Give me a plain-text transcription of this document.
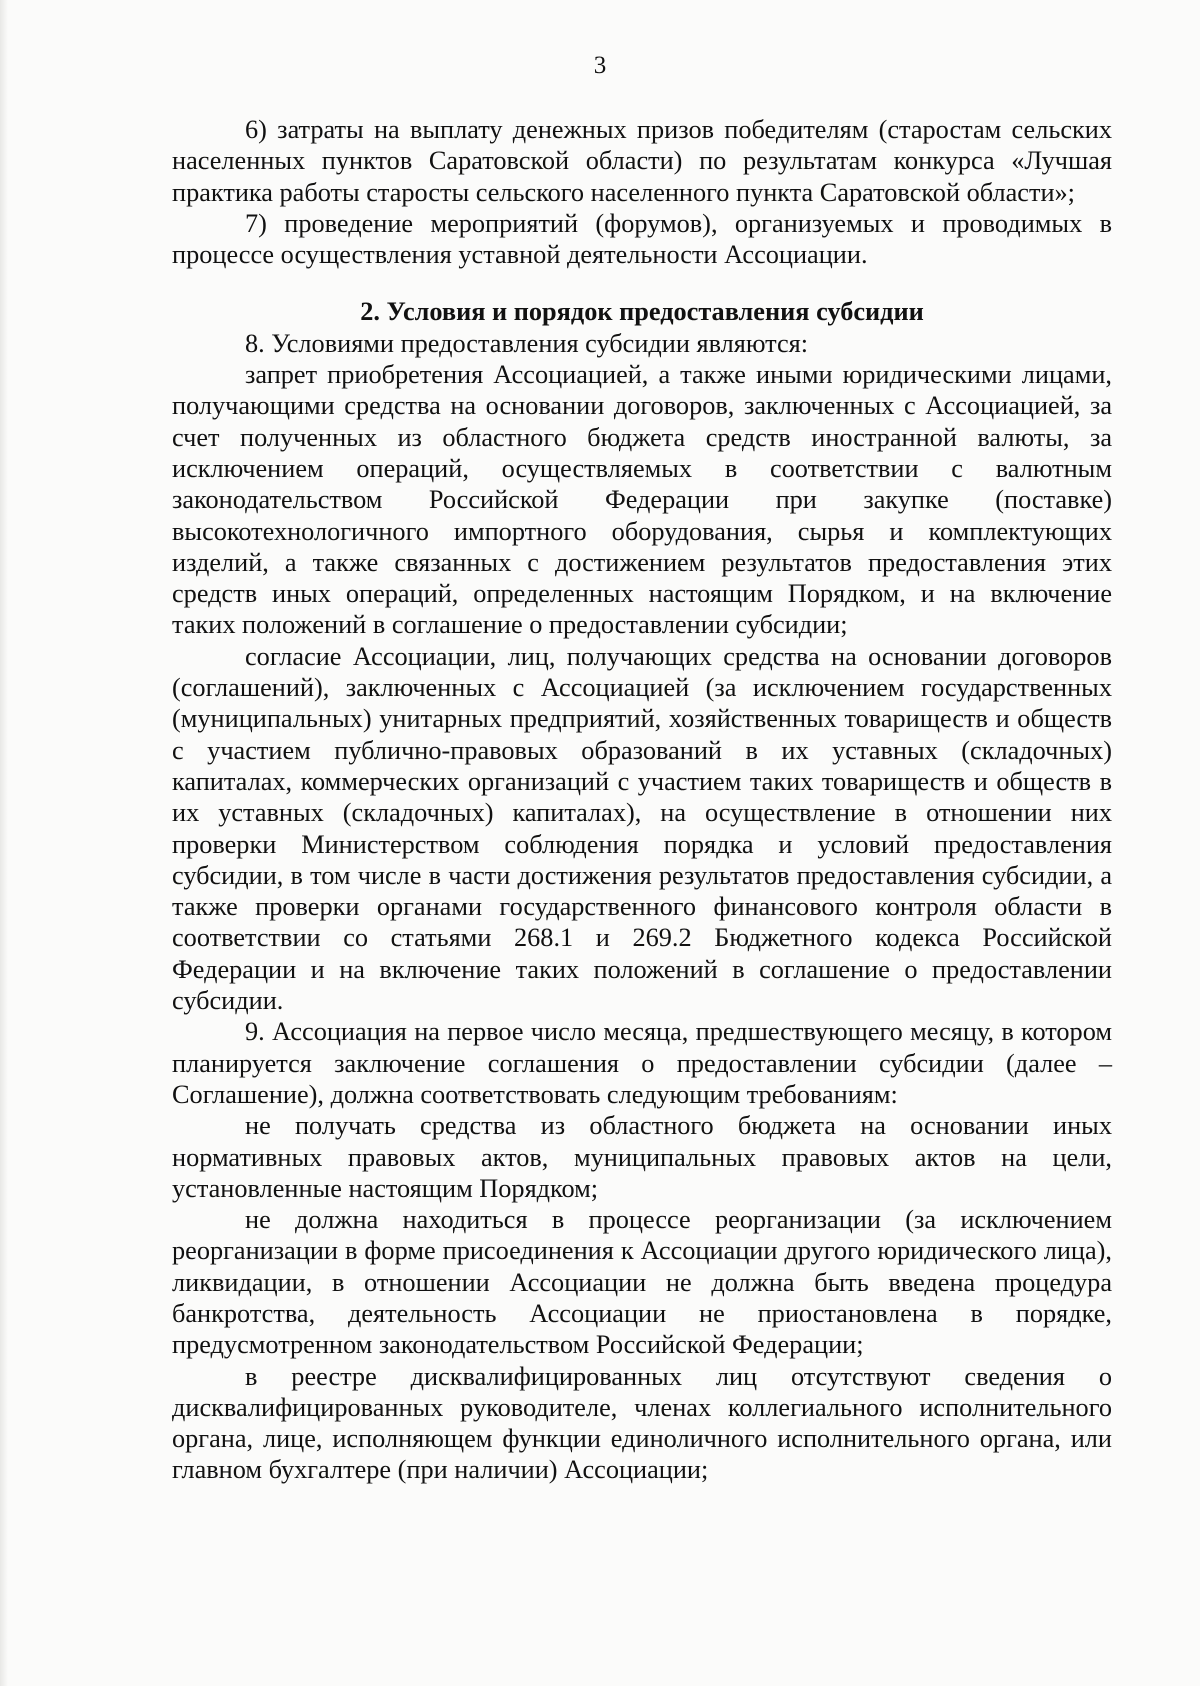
3

6) затраты на выплату денежных призов победителям (старостам сельских населенных пунктов Саратовской области) по результатам конкурса «Лучшая практика работы старосты сельского населенного пункта Саратовской области»;

7) проведение мероприятий (форумов), организуемых и проводимых в процессе осуществления уставной деятельности Ассоциации.

2. Условия и порядок предоставления субсидии

8. Условиями предоставления субсидии являются:

запрет приобретения Ассоциацией, а также иными юридическими лицами, получающими средства на основании договоров, заключенных с Ассоциацией, за счет полученных из областного бюджета средств иностранной валюты, за исключением операций, осуществляемых в соответствии с валютным законодательством Российской Федерации при закупке (поставке) высокотехнологичного импортного оборудования, сырья и комплектующих изделий, а также связанных с достижением результатов предоставления этих средств иных операций, определенных настоящим Порядком, и на включение таких положений в соглашение о предоставлении субсидии;

согласие Ассоциации, лиц, получающих средства на основании договоров (соглашений), заключенных с Ассоциацией (за исключением государственных (муниципальных) унитарных предприятий, хозяйственных товариществ и обществ с участием публично-правовых образований в их уставных (складочных) капиталах, коммерческих организаций с участием таких товариществ и обществ в их уставных (складочных) капиталах), на осуществление в отношении них проверки Министерством соблюдения порядка и условий предоставления субсидии, в том числе в части достижения результатов предоставления субсидии, а также проверки органами государственного финансового контроля области в соответствии со статьями 268.1 и 269.2 Бюджетного кодекса Российской Федерации и на включение таких положений в соглашение о предоставлении субсидии.

9. Ассоциация на первое число месяца, предшествующего месяцу, в котором планируется заключение соглашения о предоставлении субсидии (далее – Соглашение), должна соответствовать следующим требованиям:

не получать средства из областного бюджета на основании иных нормативных правовых актов, муниципальных правовых актов на цели, установленные настоящим Порядком;

не должна находиться в процессе реорганизации (за исключением реорганизации в форме присоединения к Ассоциации другого юридического лица), ликвидации, в отношении Ассоциации не должна быть введена процедура банкротства, деятельность Ассоциации не приостановлена в порядке, предусмотренном законодательством Российской Федерации;

в реестре дисквалифицированных лиц отсутствуют сведения о дисквалифицированных руководителе, членах коллегиального исполнительного органа, лице, исполняющем функции единоличного исполнительного органа, или главном бухгалтере (при наличии) Ассоциации;
